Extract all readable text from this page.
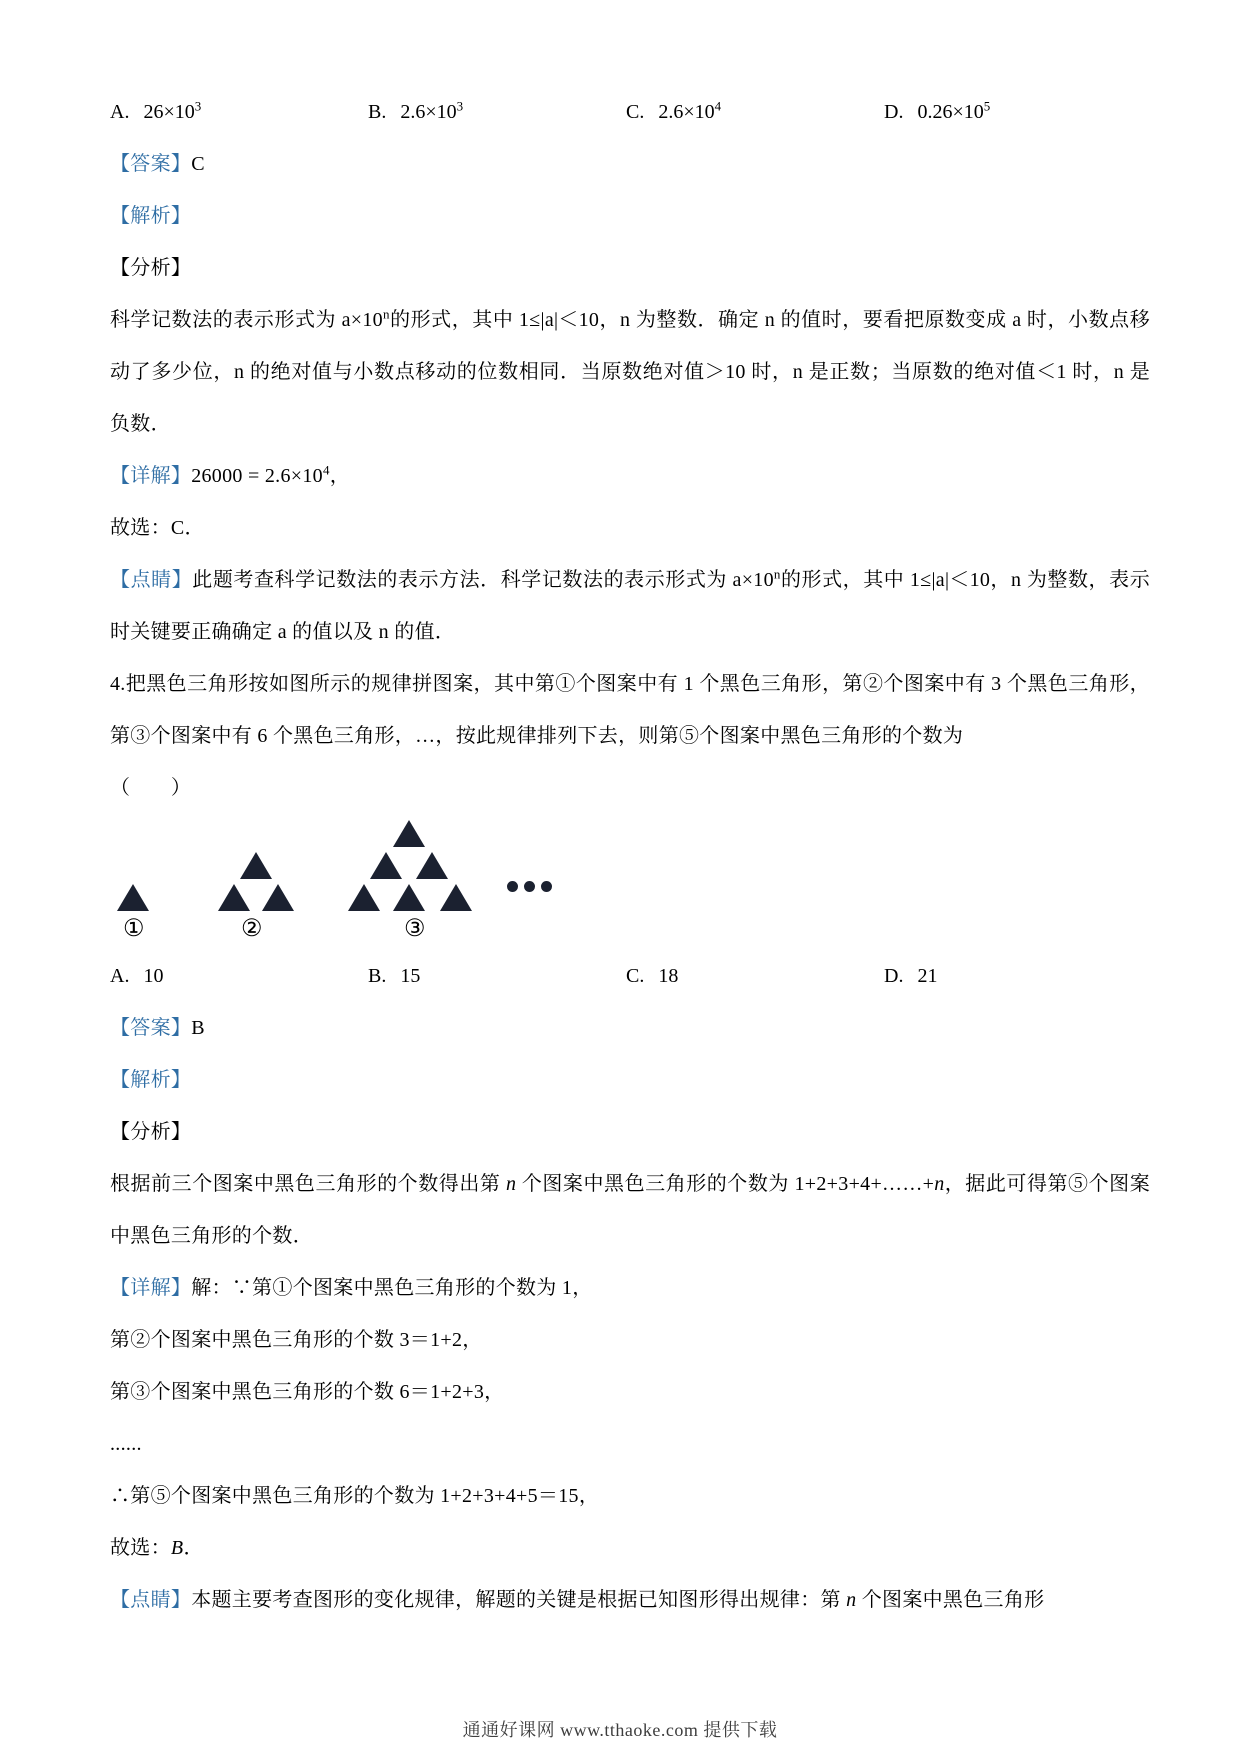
A. $26\times 10^3$	B. $2.6\times 10^3$	C. $2.6\times 10^4$	D. $0.26\times 10^5$

【答案】C

【解析】

【分析】

科学记数法的表示形式为 $a\times 10^n$的形式，其中 1≤|a|＜10，n 为整数．确定 n 的值时，要看把原数变成 a 时，小数点移动了多少位，n 的绝对值与小数点移动的位数相同．当原数绝对值＞10 时，n 是正数；当原数的绝对值＜1 时，n 是负数．

【详解】$26000 = 2.6\times 10^4$，

故选：C．

【点睛】此题考查科学记数法的表示方法．科学记数法的表示形式为 $a\times 10^n$的形式，其中 1≤|a|＜10，n 为整数，表示时关键要正确确定 a 的值以及 n 的值．

4.把黑色三角形按如图所示的规律拼图案，其中第①个图案中有 1 个黑色三角形，第②个图案中有 3 个黑色三角形，第③个图案中有 6 个黑色三角形，…，按此规律排列下去，则第⑤个图案中黑色三角形的个数为

（　　）

①	②	③

A. 10	B. 15	C. 18	D. 21

【答案】B

【解析】

【分析】

根据前三个图案中黑色三角形的个数得出第 n 个图案中黑色三角形的个数为 1+2+3+4+……+n，据此可得第⑤个图案中黑色三角形的个数．

【详解】解：∵第①个图案中黑色三角形的个数为 1，

第②个图案中黑色三角形的个数 3＝1+2，

第③个图案中黑色三角形的个数 6＝1+2+3，

......

∴第⑤个图案中黑色三角形的个数为 1+2+3+4+5＝15，

故选：B．

【点睛】本题主要考查图形的变化规律，解题的关键是根据已知图形得出规律：第 n 个图案中黑色三角形

通通好课网 www.tthaoke.com 提供下载
